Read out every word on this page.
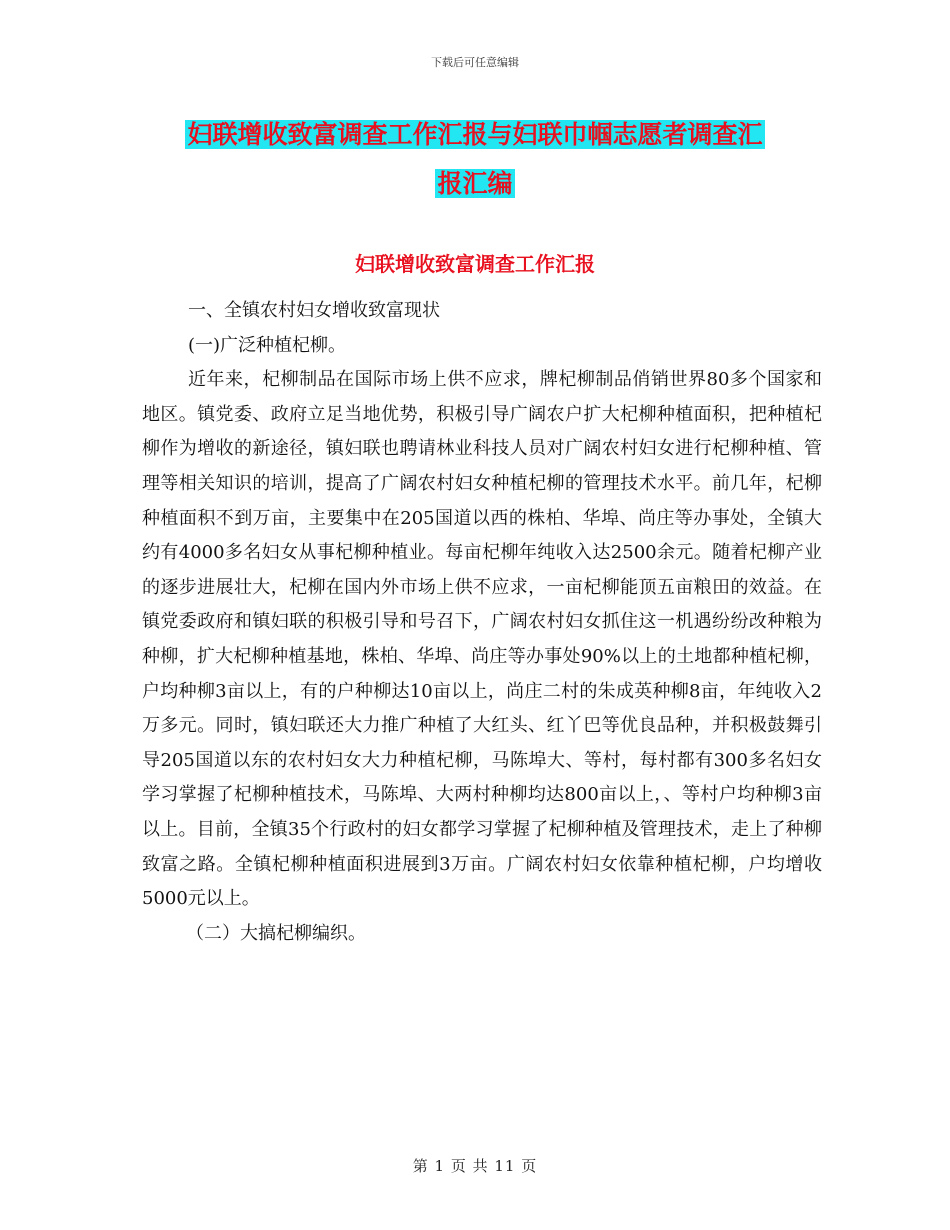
下载后可任意编辑
妇联增收致富调查工作汇报与妇联巾帼志愿者调查汇
报汇编
妇联增收致富调查工作汇报

一、全镇农村妇女增收致富现状

(一)广泛种植杞柳。

近年来，杞柳制品在国际市场上供不应求，牌杞柳制品俏销世界80多个国家和地区。镇党委、政府立足当地优势，积极引导广阔农户扩大杞柳种植面积，把种植杞柳作为增收的新途径，镇妇联也聘请林业科技人员对广阔农村妇女进行杞柳种植、管理等相关知识的培训，提高了广阔农村妇女种植杞柳的管理技术水平。前几年，杞柳种植面积不到万亩，主要集中在205国道以西的株柏、华埠、尚庄等办事处，全镇大约有4000多名妇女从事杞柳种植业。每亩杞柳年纯收入达2500余元。随着杞柳产业的逐步进展壮大，杞柳在国内外市场上供不应求，一亩杞柳能顶五亩粮田的效益。在镇党委政府和镇妇联的积极引导和号召下，广阔农村妇女抓住这一机遇纷纷改种粮为种柳，扩大杞柳种植基地，株柏、华埠、尚庄等办事处90%以上的土地都种植杞柳，户均种柳3亩以上，有的户种柳达10亩以上，尚庄二村的朱成英种柳8亩，年纯收入2万多元。同时，镇妇联还大力推广种植了大红头、红丫巴等优良品种，并积极鼓舞引导205国道以东的农村妇女大力种植杞柳，马陈埠大、等村，每村都有300多名妇女学习掌握了杞柳种植技术，马陈埠、大两村种柳均达800亩以上，、等村户均种柳3亩以上。目前，全镇35个行政村的妇女都学习掌握了杞柳种植及管理技术，走上了种柳致富之路。全镇杞柳种植面积进展到3万亩。广阔农村妇女依靠种植杞柳，户均增收5000元以上。

（二）大搞杞柳编织。

第 1 页 共 11 页
